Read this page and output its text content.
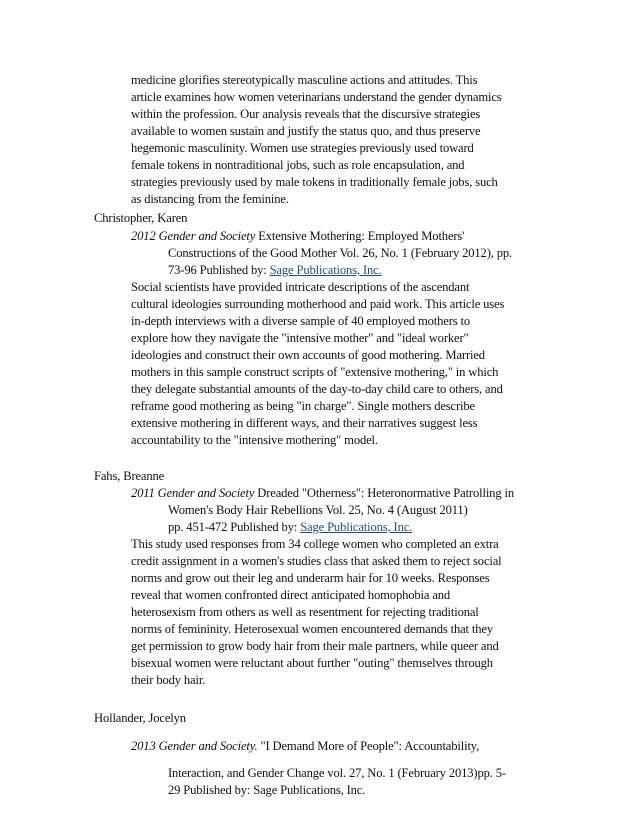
medicine glorifies stereotypically masculine actions and attitudes. This
article examines how women veterinarians understand the gender dynamics
within the profession. Our analysis reveals that the discursive strategies
available to women sustain and justify the status quo, and thus preserve
hegemonic masculinity. Women use strategies previously used toward
female tokens in nontraditional jobs, such as role encapsulation, and
strategies previously used by male tokens in traditionally female jobs, such
as distancing from the feminine.
Christopher, Karen
2012 Gender and Society Extensive Mothering: Employed Mothers'
Constructions of the Good Mother Vol. 26, No. 1 (February 2012), pp.
73-96 Published by: Sage Publications, Inc.
Social scientists have provided intricate descriptions of the ascendant
cultural ideologies surrounding motherhood and paid work. This article uses
in-depth interviews with a diverse sample of 40 employed mothers to
explore how they navigate the "intensive mother" and "ideal worker"
ideologies and construct their own accounts of good mothering. Married
mothers in this sample construct scripts of "extensive mothering," in which
they delegate substantial amounts of the day-to-day child care to others, and
reframe good mothering as being "in charge". Single mothers describe
extensive mothering in different ways, and their narratives suggest less
accountability to the "intensive mothering" model.
Fahs, Breanne
2011 Gender and Society Dreaded "Otherness": Heteronormative Patrolling in
Women's Body Hair Rebellions Vol. 25, No. 4 (August 2011)
pp. 451-472 Published by: Sage Publications, Inc.
This study used responses from 34 college women who completed an extra
credit assignment in a women's studies class that asked them to reject social
norms and grow out their leg and underarm hair for 10 weeks. Responses
reveal that women confronted direct anticipated homophobia and
heterosexism from others as well as resentment for rejecting traditional
norms of femininity. Heterosexual women encountered demands that they
get permission to grow body hair from their male partners, while queer and
bisexual women were reluctant about further "outing" themselves through
their body hair.
Hollander, Jocelyn
2013 Gender and Society. "I Demand More of People": Accountability,
Interaction, and Gender Change vol. 27, No. 1 (February 2013)pp. 5-
29 Published by: Sage Publications, Inc.
